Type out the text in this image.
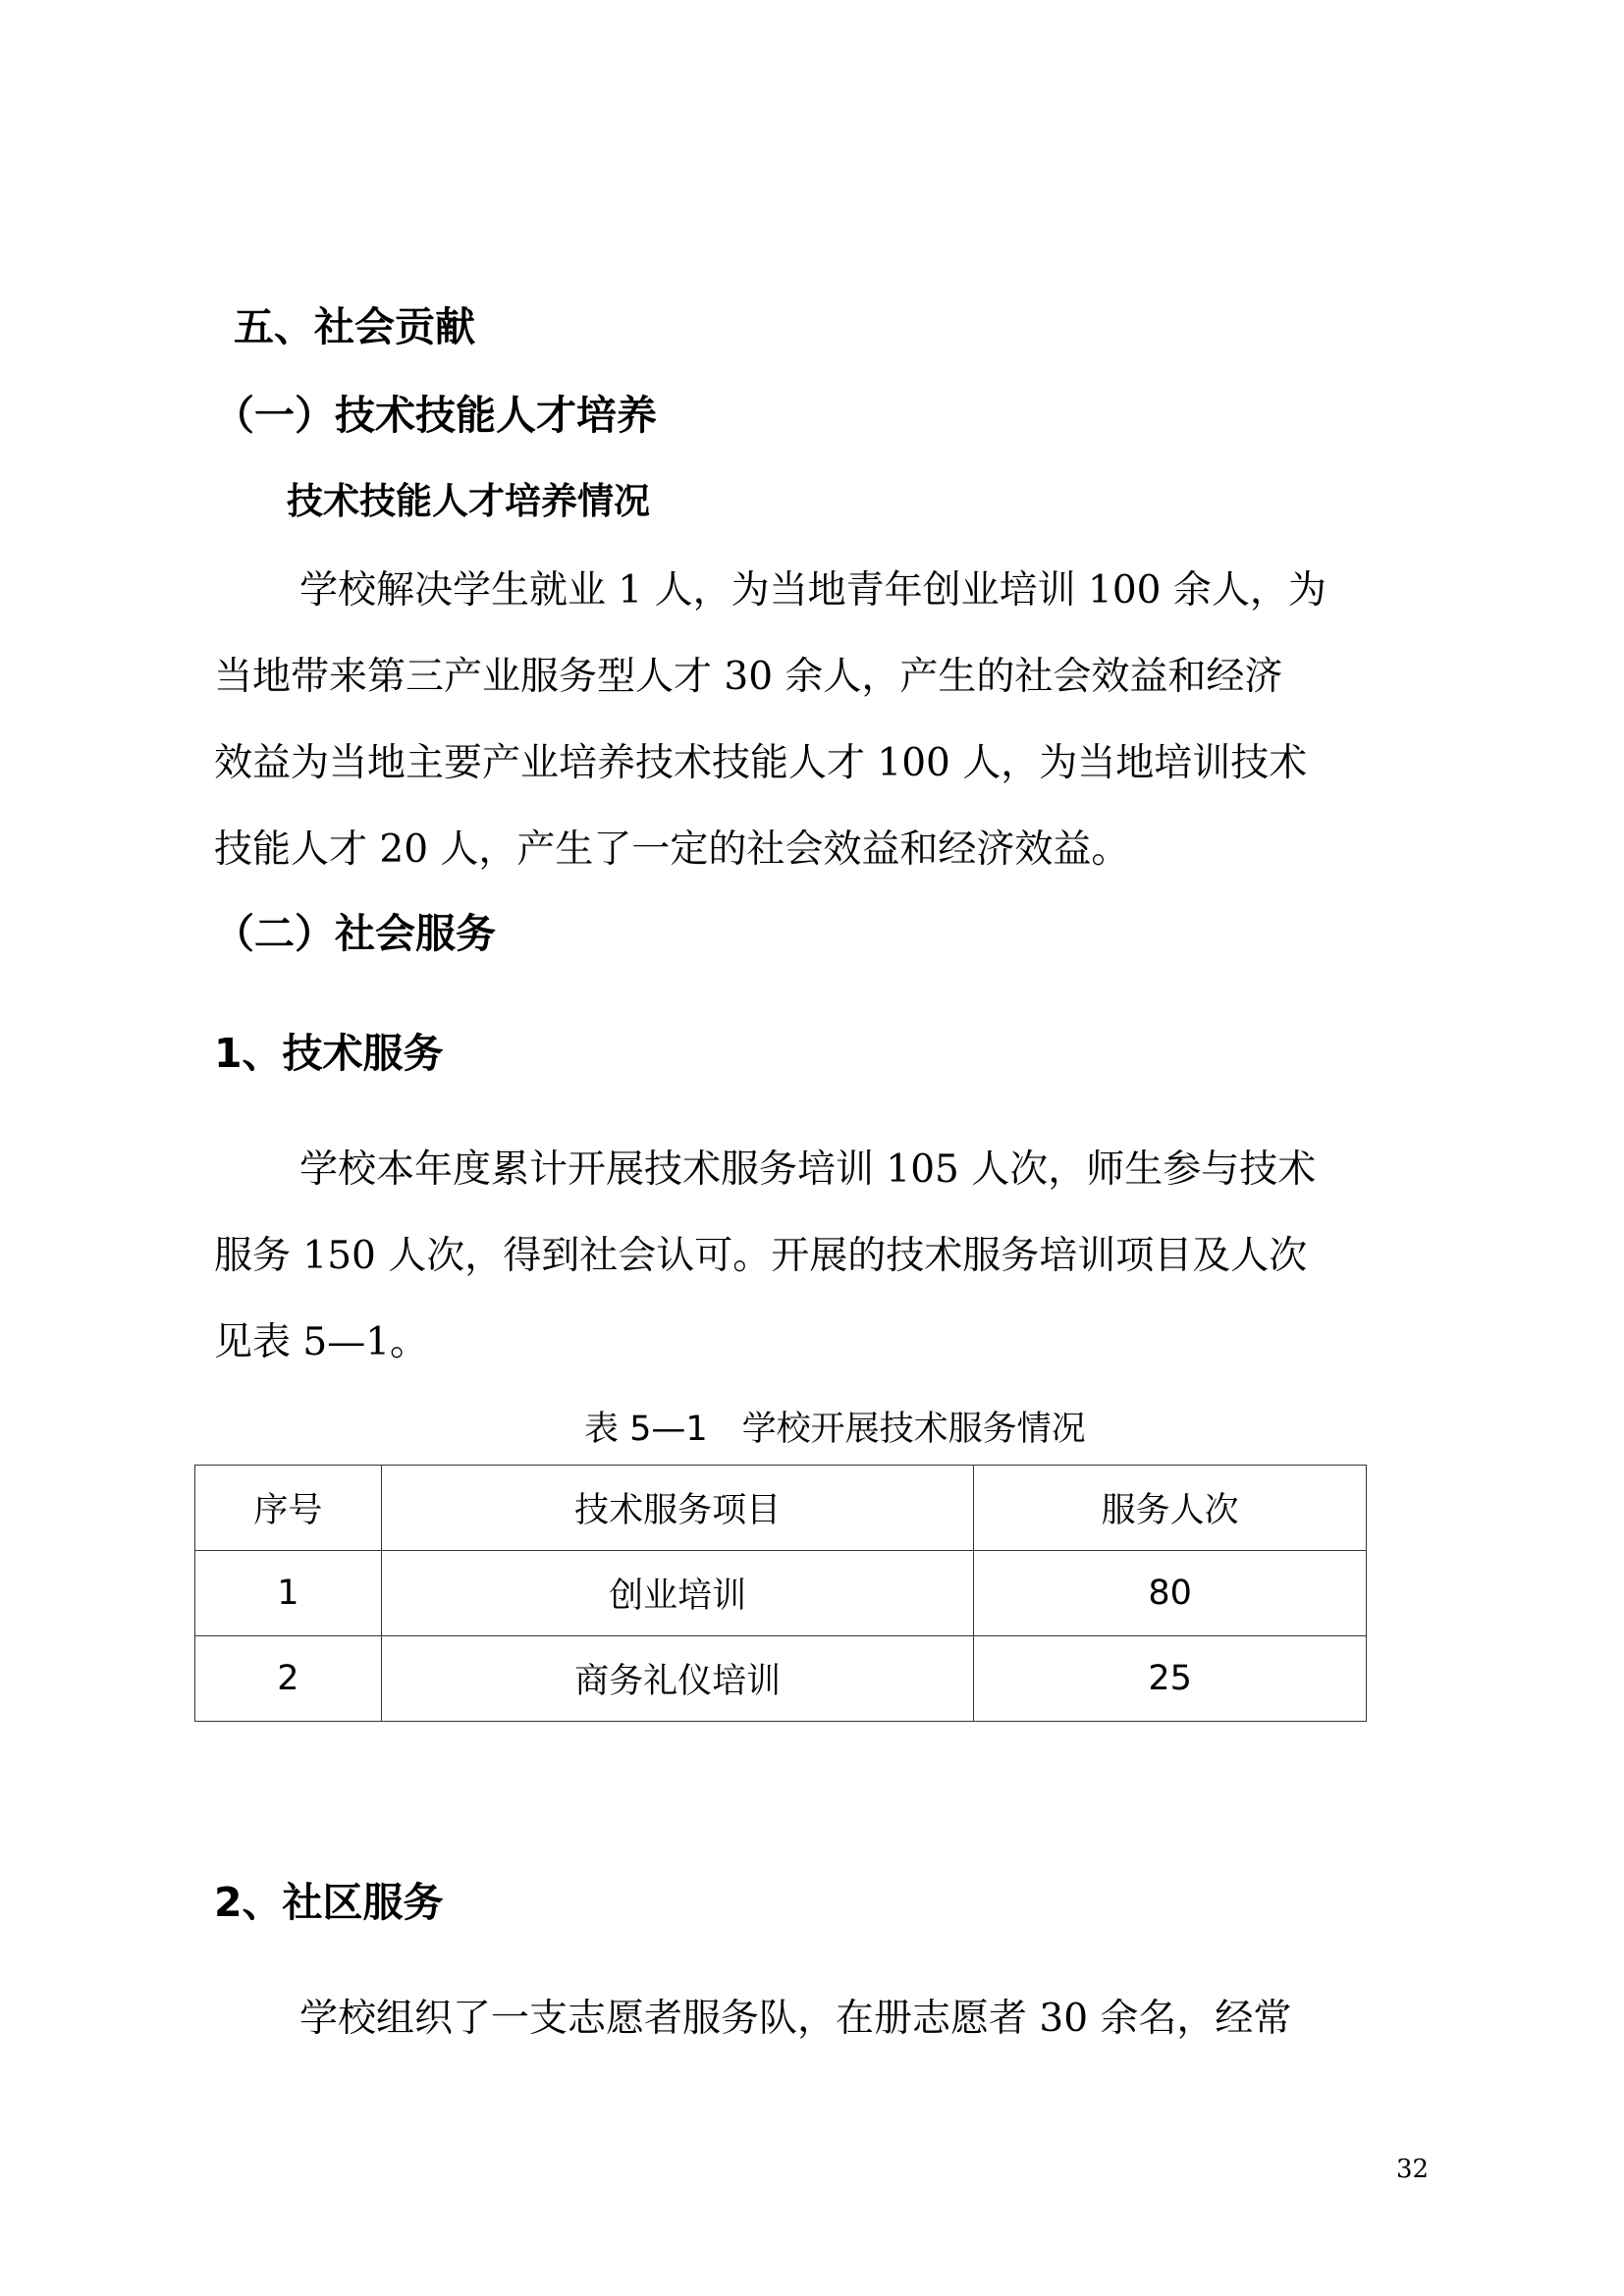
五、社会贡献
（一）技术技能人才培养
技术技能人才培养情况
学校解决学生就业 1 人，为当地青年创业培训 100 余人，为
当地带来第三产业服务型人才 30 余人，产生的社会效益和经济
效益为当地主要产业培养技术技能人才 100 人，为当地培训技术
技能人才 20 人，产生了一定的社会效益和经济效益。
（二）社会服务
1、技术服务
学校本年度累计开展技术服务培训 105 人次，师生参与技术
服务 150 人次，得到社会认可。开展的技术服务培训项目及人次
见表 5—1。
表 5—1　学校开展技术服务情况
序号	技术服务项目	服务人次
1	创业培训	80
2	商务礼仪培训	25
2、社区服务
学校组织了一支志愿者服务队，在册志愿者 30 余名，经常
32
